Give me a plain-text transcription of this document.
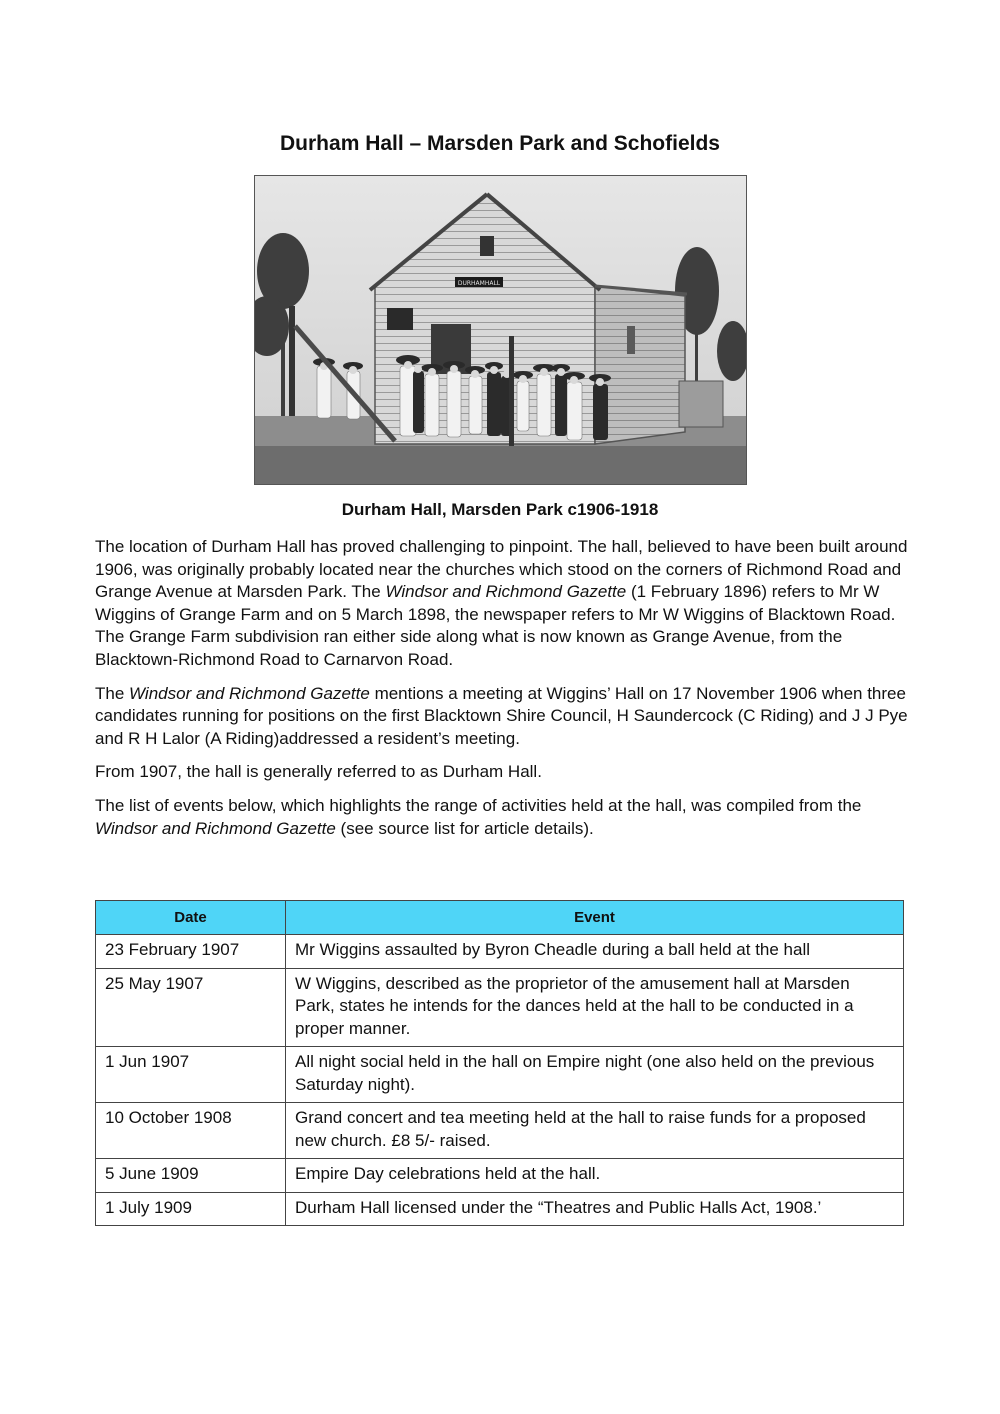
Durham Hall – Marsden Park and Schofields
DURHAMHALL

Durham Hall, Marsden Park c1906-1918

The location of Durham Hall has proved challenging to pinpoint. The hall, believed to have been built around 1906, was originally probably located near the churches which stood on the corners of Richmond Road and Grange Avenue at Marsden Park. The Windsor and Richmond Gazette (1 February 1896) refers to Mr W Wiggins of Grange Farm and on 5 March 1898, the newspaper refers to Mr W Wiggins of Blacktown Road. The Grange Farm subdivision ran either side along what is now known as Grange Avenue, from the Blacktown-Richmond Road to Carnarvon Road.

The Windsor and Richmond Gazette mentions a meeting at Wiggins’ Hall on 17 November 1906 when three candidates running for positions on the first Blacktown Shire Council, H Saundercock (C Riding) and J J Pye and R H Lalor (A Riding)addressed a resident’s meeting.

From 1907, the hall is generally referred to as Durham Hall.

The list of events below, which highlights the range of activities held at the hall, was compiled from the Windsor and Richmond Gazette (see source list for article details).

Date	Event
23 February 1907	Mr Wiggins assaulted by Byron Cheadle during a ball held at the hall
25 May 1907	W Wiggins, described as the proprietor of the amusement hall at Marsden Park, states he intends for the dances held at the hall to be conducted in a proper manner.
1 Jun 1907	All night social held in the hall on Empire night (one also held on the previous Saturday night).
10 October 1908	Grand concert and tea meeting held at the hall to raise funds for a proposed new church. £8 5/- raised.
5 June 1909	Empire Day celebrations held at the hall.
1 July 1909	Durham Hall licensed under the “Theatres and Public Halls Act, 1908.’
